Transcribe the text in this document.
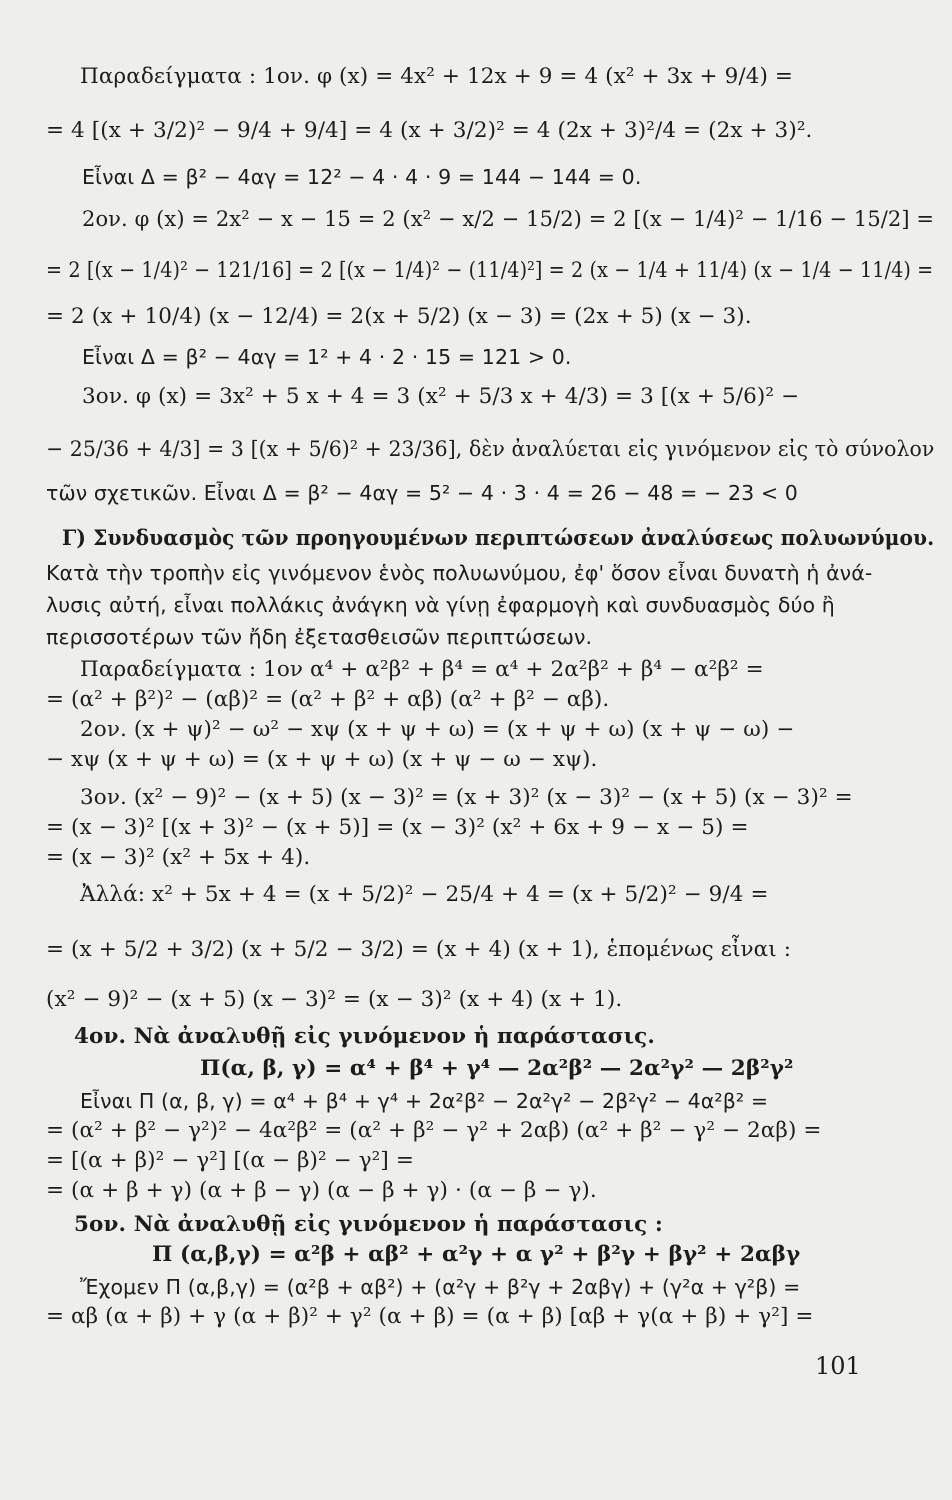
Παραδείγματα : 1ον. φ (x) = 4x² + 12x + 9 = 4 (x² + 3x + 9/4) =
= 4 [(x + 3/2)² − 9/4 + 9/4] = 4 (x + 3/2)² = 4 (2x + 3)²/4 = (2x + 3)².
Εἶναι Δ = β² − 4αγ = 12² − 4 · 4 · 9 = 144 − 144 = 0.
2ον. φ (x) = 2x² − x − 15 = 2 (x² − x/2 − 15/2) = 2 [(x − 1/4)² − 1/16 − 15/2] =
= 2 [(x − 1/4)² − 121/16] = 2 [(x − 1/4)² − (11/4)²] = 2 (x − 1/4 + 11/4) (x − 1/4 − 11/4) =
= 2 (x + 10/4) (x − 12/4) = 2(x + 5/2) (x − 3) = (2x + 5) (x − 3).
Εἶναι Δ = β² − 4αγ = 1² + 4 · 2 · 15 = 121 > 0.
3ον. φ (x) = 3x² + 5 x + 4 = 3 (x² + 5/3 x + 4/3) = 3 [(x + 5/6)² −
− 25/36 + 4/3] = 3 [(x + 5/6)² + 23/36], δὲν ἀναλύεται εἰς γινόμενον εἰς τὸ σύνολον
τῶν σχετικῶν. Εἶναι Δ = β² − 4αγ = 5² − 4 · 3 · 4 = 26 − 48 = − 23 < 0
Γ) Συνδυασμὸς τῶν προηγουμένων περιπτώσεων ἀναλύσεως πολυωνύμου.
Κατὰ τὴν τροπὴν εἰς γινόμενον ἑνὸς πολυωνύμου, ἐφ' ὅσον εἶναι δυνατὴ ἡ ἀνά-
λυσις αὐτή, εἶναι πολλάκις ἀνάγκη νὰ γίνῃ ἐφαρμογὴ καὶ συνδυασμὸς δύο ἢ
περισσοτέρων τῶν ἤδη ἐξετασθεισῶν περιπτώσεων.
Παραδείγματα : 1ον α⁴ + α²β² + β⁴ = α⁴ + 2α²β² + β⁴ − α²β² =
= (α² + β²)² − (αβ)² = (α² + β² + αβ) (α² + β² − αβ).
2ον. (x + ψ)² − ω² − xψ (x + ψ + ω) = (x + ψ + ω) (x + ψ − ω) −
− xψ (x + ψ + ω) = (x + ψ + ω) (x + ψ − ω − xψ).
3ον. (x² − 9)² − (x + 5) (x − 3)² = (x + 3)² (x − 3)² − (x + 5) (x − 3)² =
= (x − 3)² [(x + 3)² − (x + 5)] = (x − 3)² (x² + 6x + 9 − x − 5) =
= (x − 3)² (x² + 5x + 4).
Ἀλλά: x² + 5x + 4 = (x + 5/2)² − 25/4 + 4 = (x + 5/2)² − 9/4 =
= (x + 5/2 + 3/2) (x + 5/2 − 3/2) = (x + 4) (x + 1), ἑπομένως εἶναι :
(x² − 9)² − (x + 5) (x − 3)² = (x − 3)² (x + 4) (x + 1).
4ον. Νὰ ἀναλυθῇ εἰς γινόμενον ἡ παράστασις.
Π(α, β, γ) = α⁴ + β⁴ + γ⁴ — 2α²β² — 2α²γ² — 2β²γ²
Εἶναι Π (α, β, γ) = α⁴ + β⁴ + γ⁴ + 2α²β² − 2α²γ² − 2β²γ² − 4α²β² =
= (α² + β² − γ²)² − 4α²β² = (α² + β² − γ² + 2αβ) (α² + β² − γ² − 2αβ) =
= [(α + β)² − γ²] [(α − β)² − γ²] =
= (α + β + γ) (α + β − γ) (α − β + γ) · (α − β − γ).
5ον. Νὰ ἀναλυθῇ εἰς γινόμενον ἡ παράστασις :
Π (α,β,γ) = α²β + αβ² + α²γ + α γ² + β²γ + βγ² + 2αβγ
Ἔχομεν Π (α,β,γ) = (α²β + αβ²) + (α²γ + β²γ + 2αβγ) + (γ²α + γ²β) =
= αβ (α + β) + γ (α + β)² + γ² (α + β) = (α + β) [αβ + γ(α + β) + γ²] =
101
